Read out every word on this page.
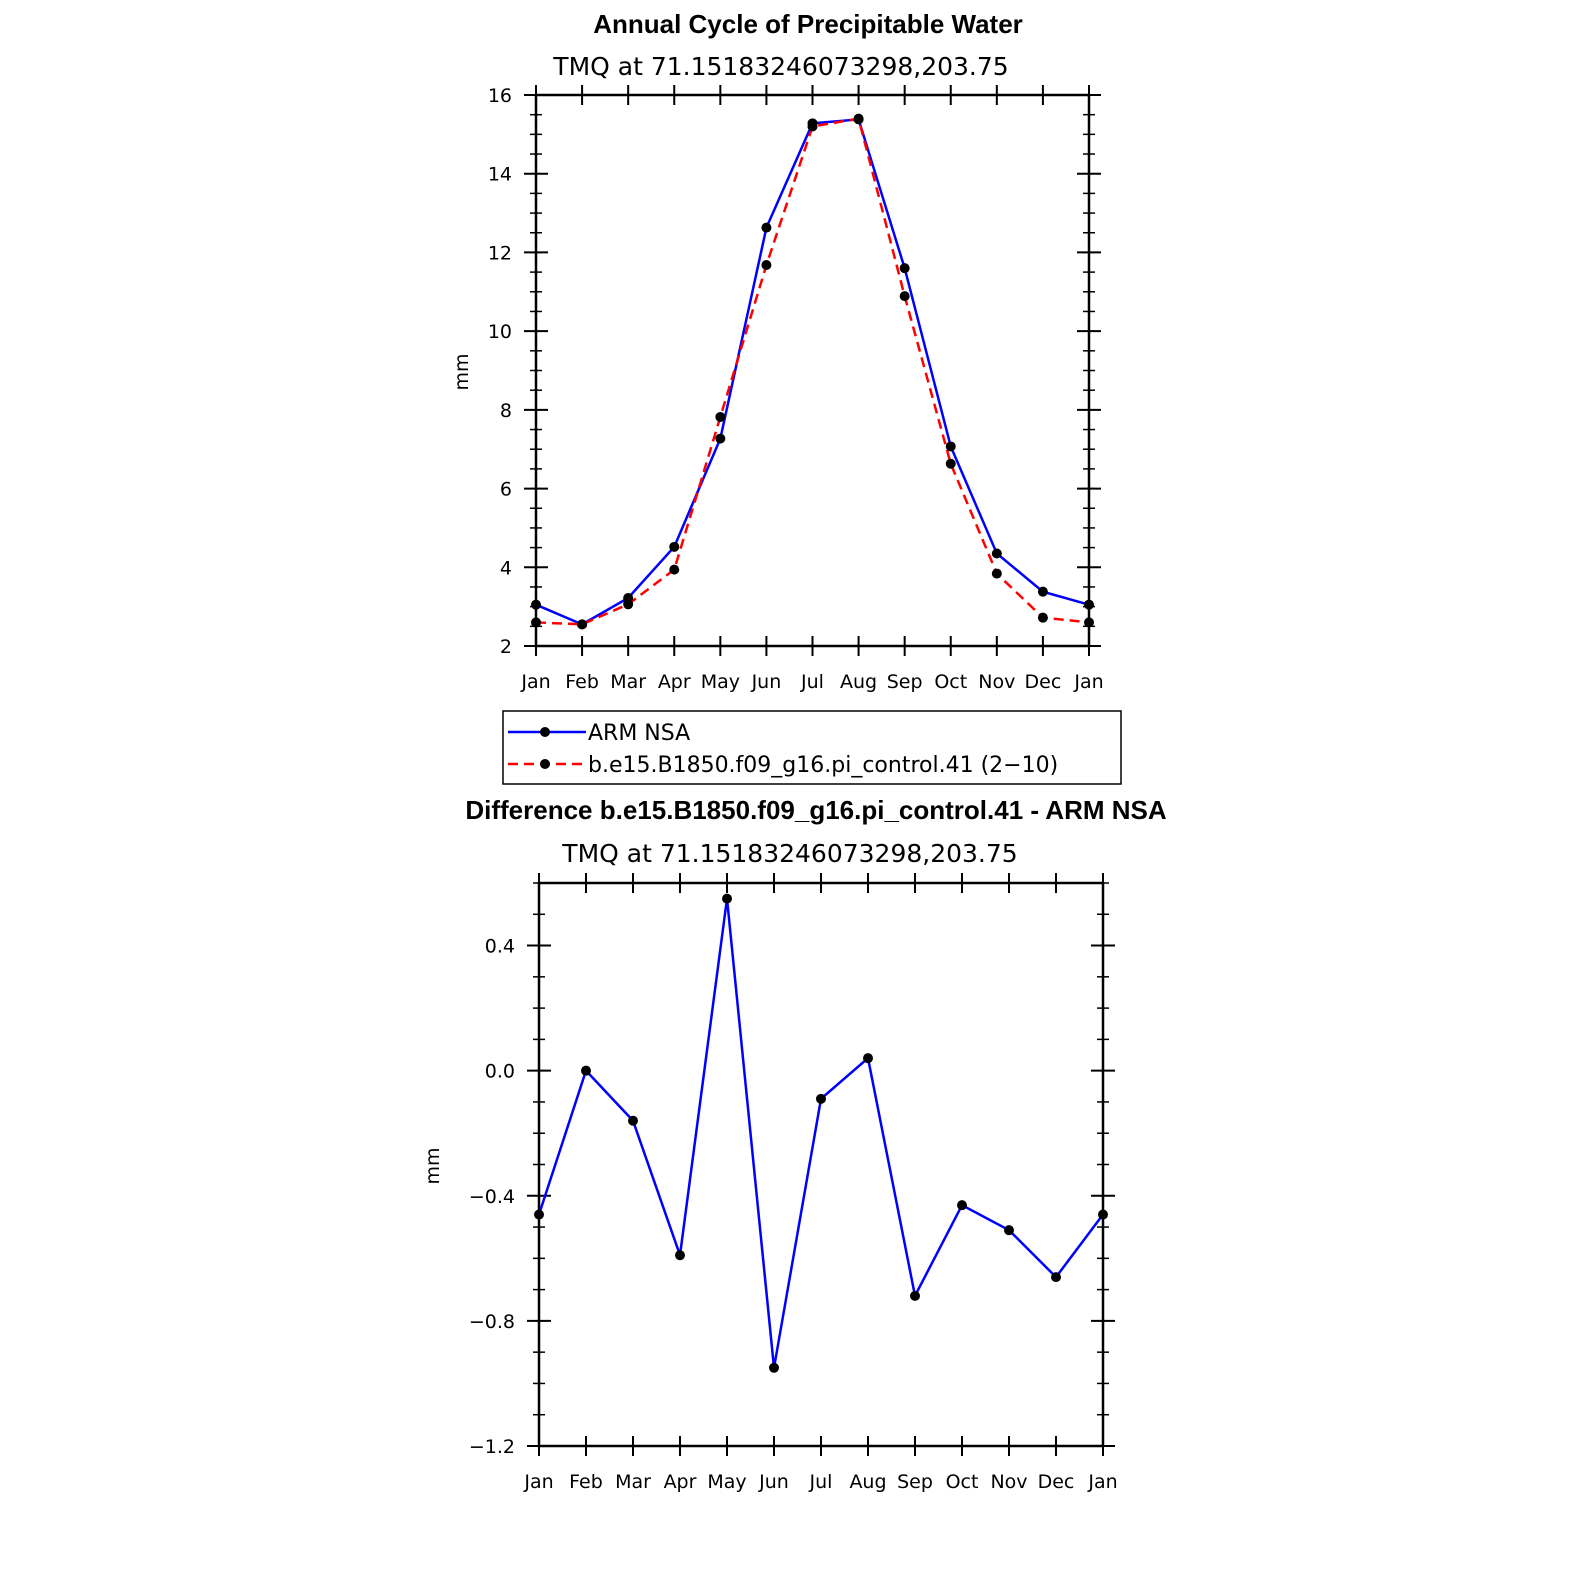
Annual Cycle of Precipitable Water
TMQ at 71.15183246073298,203.75
2
4
6
8
10
12
14
16
Jan Feb Mar Apr May Jun Jul Aug Sep Oct Nov Dec Jan
mm
ARM NSA
b.e15.B1850.f09_g16.pi_control.41 (2−10)
Difference b.e15.B1850.f09_g16.pi_control.41 - ARM NSA
TMQ at 71.15183246073298,203.75
−1.2
−0.8
−0.4
0.0
0.4
Jan Feb Mar Apr May Jun Jul Aug Sep Oct Nov Dec Jan
mm
